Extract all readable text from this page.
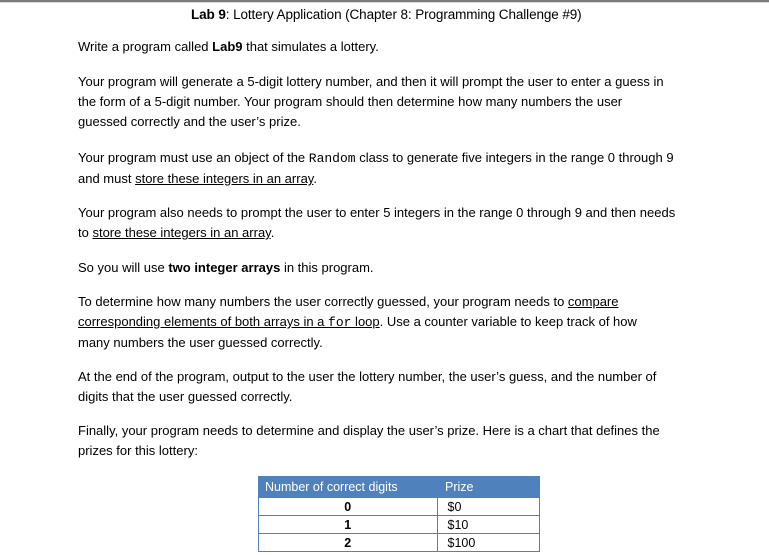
Lab 9: Lottery Application (Chapter 8: Programming Challenge #9)
Write a program called Lab9 that simulates a lottery.
Your program will generate a 5-digit lottery number, and then it will prompt the user to enter a guess in
the form of a 5-digit number. Your program should then determine how many numbers the user
guessed correctly and the user’s prize.
Your program must use an object of the Random class to generate five integers in the range 0 through 9
and must store these integers in an array.
Your program also needs to prompt the user to enter 5 integers in the range 0 through 9 and then needs
to store these integers in an array.
So you will use two integer arrays in this program.
To determine how many numbers the user correctly guessed, your program needs to compare
corresponding elements of both arrays in a for loop. Use a counter variable to keep track of how
many numbers the user guessed correctly.
At the end of the program, output to the user the lottery number, the user’s guess, and the number of
digits that the user guessed correctly.
Finally, your program needs to determine and display the user’s prize. Here is a chart that defines the
prizes for this lottery:
Number of correct digits	Prize
0	$0
1	$10
2	$100
